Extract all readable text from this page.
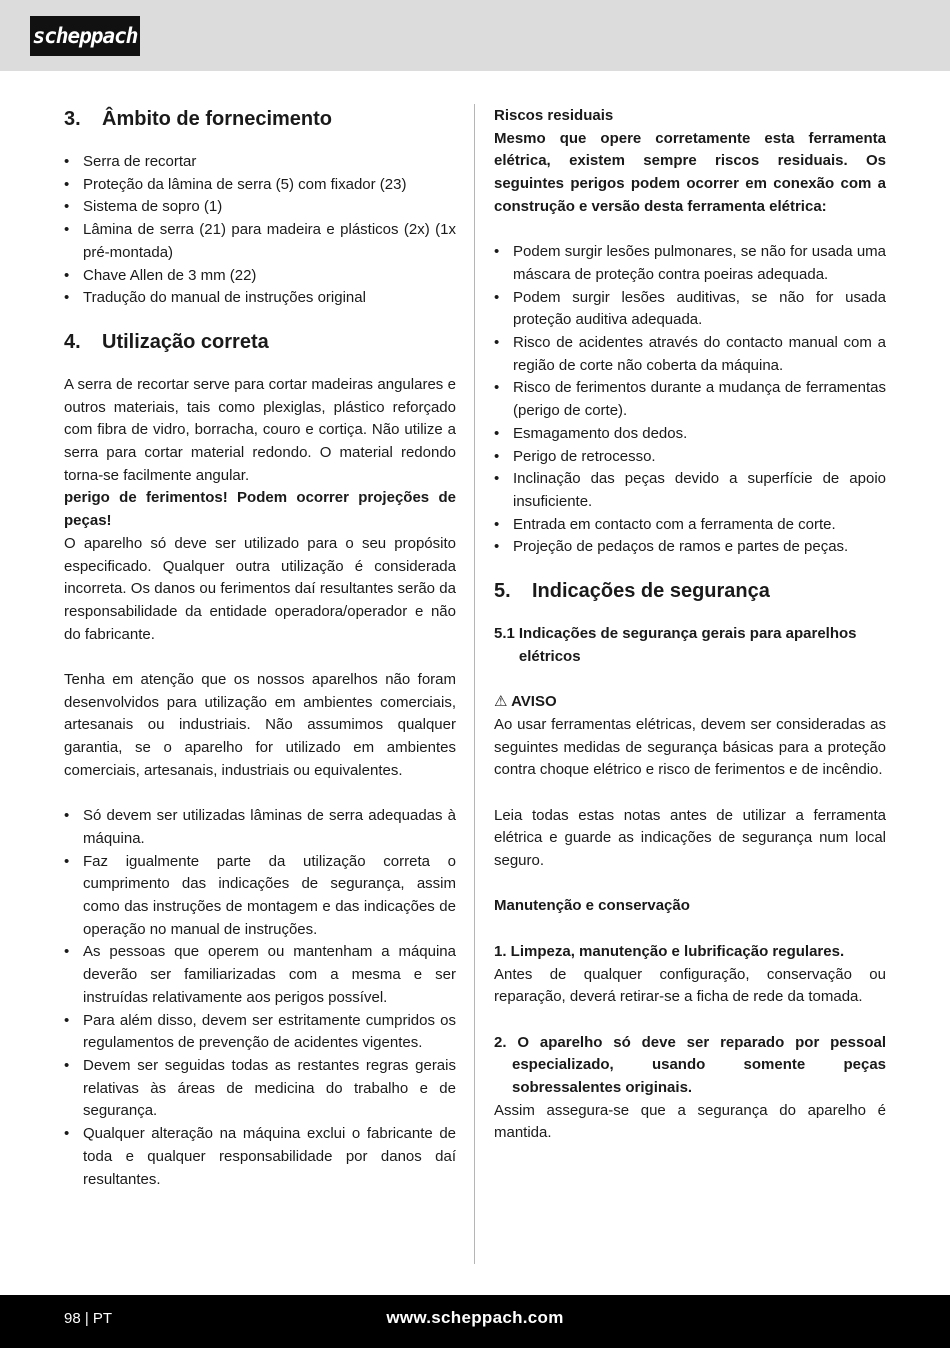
scheppach
3.	Âmbito de fornecimento
• Serra de recortar
• Proteção da lâmina de serra (5) com fixador (23)
• Sistema de sopro (1)
• Lâmina de serra (21) para madeira e plásticos (2x) (1x pré-montada)
• Chave Allen de 3 mm (22)
• Tradução do manual de instruções original
4.	Utilização correta

A serra de recortar serve para cortar madeiras angulares e outros materiais, tais como plexiglas, plástico reforçado com fibra de vidro, borracha, couro e cortiça. Não utilize a serra para cortar material redondo. O material redondo torna-se facilmente angular.

perigo de ferimentos! Podem ocorrer projeções de peças!

O aparelho só deve ser utilizado para o seu propósito especificado. Qualquer outra utilização é considerada incorreta. Os danos ou ferimentos daí resultantes serão da responsabilidade da entidade operadora/operador e não do fabricante.

Tenha em atenção que os nossos aparelhos não foram desenvolvidos para utilização em ambientes comerciais, artesanais ou industriais. Não assumimos qualquer garantia, se o aparelho for utilizado em ambientes comerciais, artesanais, industriais ou equivalentes.

• Só devem ser utilizadas lâminas de serra adequadas à máquina.
• Faz igualmente parte da utilização correta o cumprimento das indicações de segurança, assim como das instruções de montagem e das indicações de operação no manual de instruções.
• As pessoas que operem ou mantenham a máquina deverão ser familiarizadas com a mesma e ser instruídas relativamente aos perigos possível.
• Para além disso, devem ser estritamente cumpridos os regulamentos de prevenção de acidentes vigentes.
• Devem ser seguidas todas as restantes regras gerais relativas às áreas de medicina do trabalho e de segurança.
• Qualquer alteração na máquina exclui o fabricante de toda e qualquer responsabilidade por danos daí resultantes.

Riscos residuais

Mesmo que opere corretamente esta ferramenta elétrica, existem sempre riscos residuais. Os seguintes perigos podem ocorrer em conexão com a construção e versão desta ferramenta elétrica:

• Podem surgir lesões pulmonares, se não for usada uma máscara de proteção contra poeiras adequada.
• Podem surgir lesões auditivas, se não for usada proteção auditiva adequada.
• Risco de acidentes através do contacto manual com a região de corte não coberta da máquina.
• Risco de ferimentos durante a mudança de ferramentas (perigo de corte).
• Esmagamento dos dedos.
• Perigo de retrocesso.
• Inclinação das peças devido a superfície de apoio insuficiente.
• Entrada em contacto com a ferramenta de corte.
• Projeção de pedaços de ramos e partes de peças.
5.	Indicações de segurança
5.1 Indicações de segurança gerais para aparelhos elétricos

⚠ AVISO

Ao usar ferramentas elétricas, devem ser consideradas as seguintes medidas de segurança básicas para a proteção contra choque elétrico e risco de ferimentos e de incêndio.

Leia todas estas notas antes de utilizar a ferramenta elétrica e guarde as indicações de segurança num local seguro.

Manutenção e conservação

1. Limpeza, manutenção e lubrificação regulares.

Antes de qualquer configuração, conservação ou reparação, deverá retirar-se a ficha de rede da tomada.

2. O aparelho só deve ser reparado por pessoal especializado, usando somente peças sobressalentes originais.

Assim assegura-se que a segurança do aparelho é mantida.

98 | PT	www.scheppach.com
